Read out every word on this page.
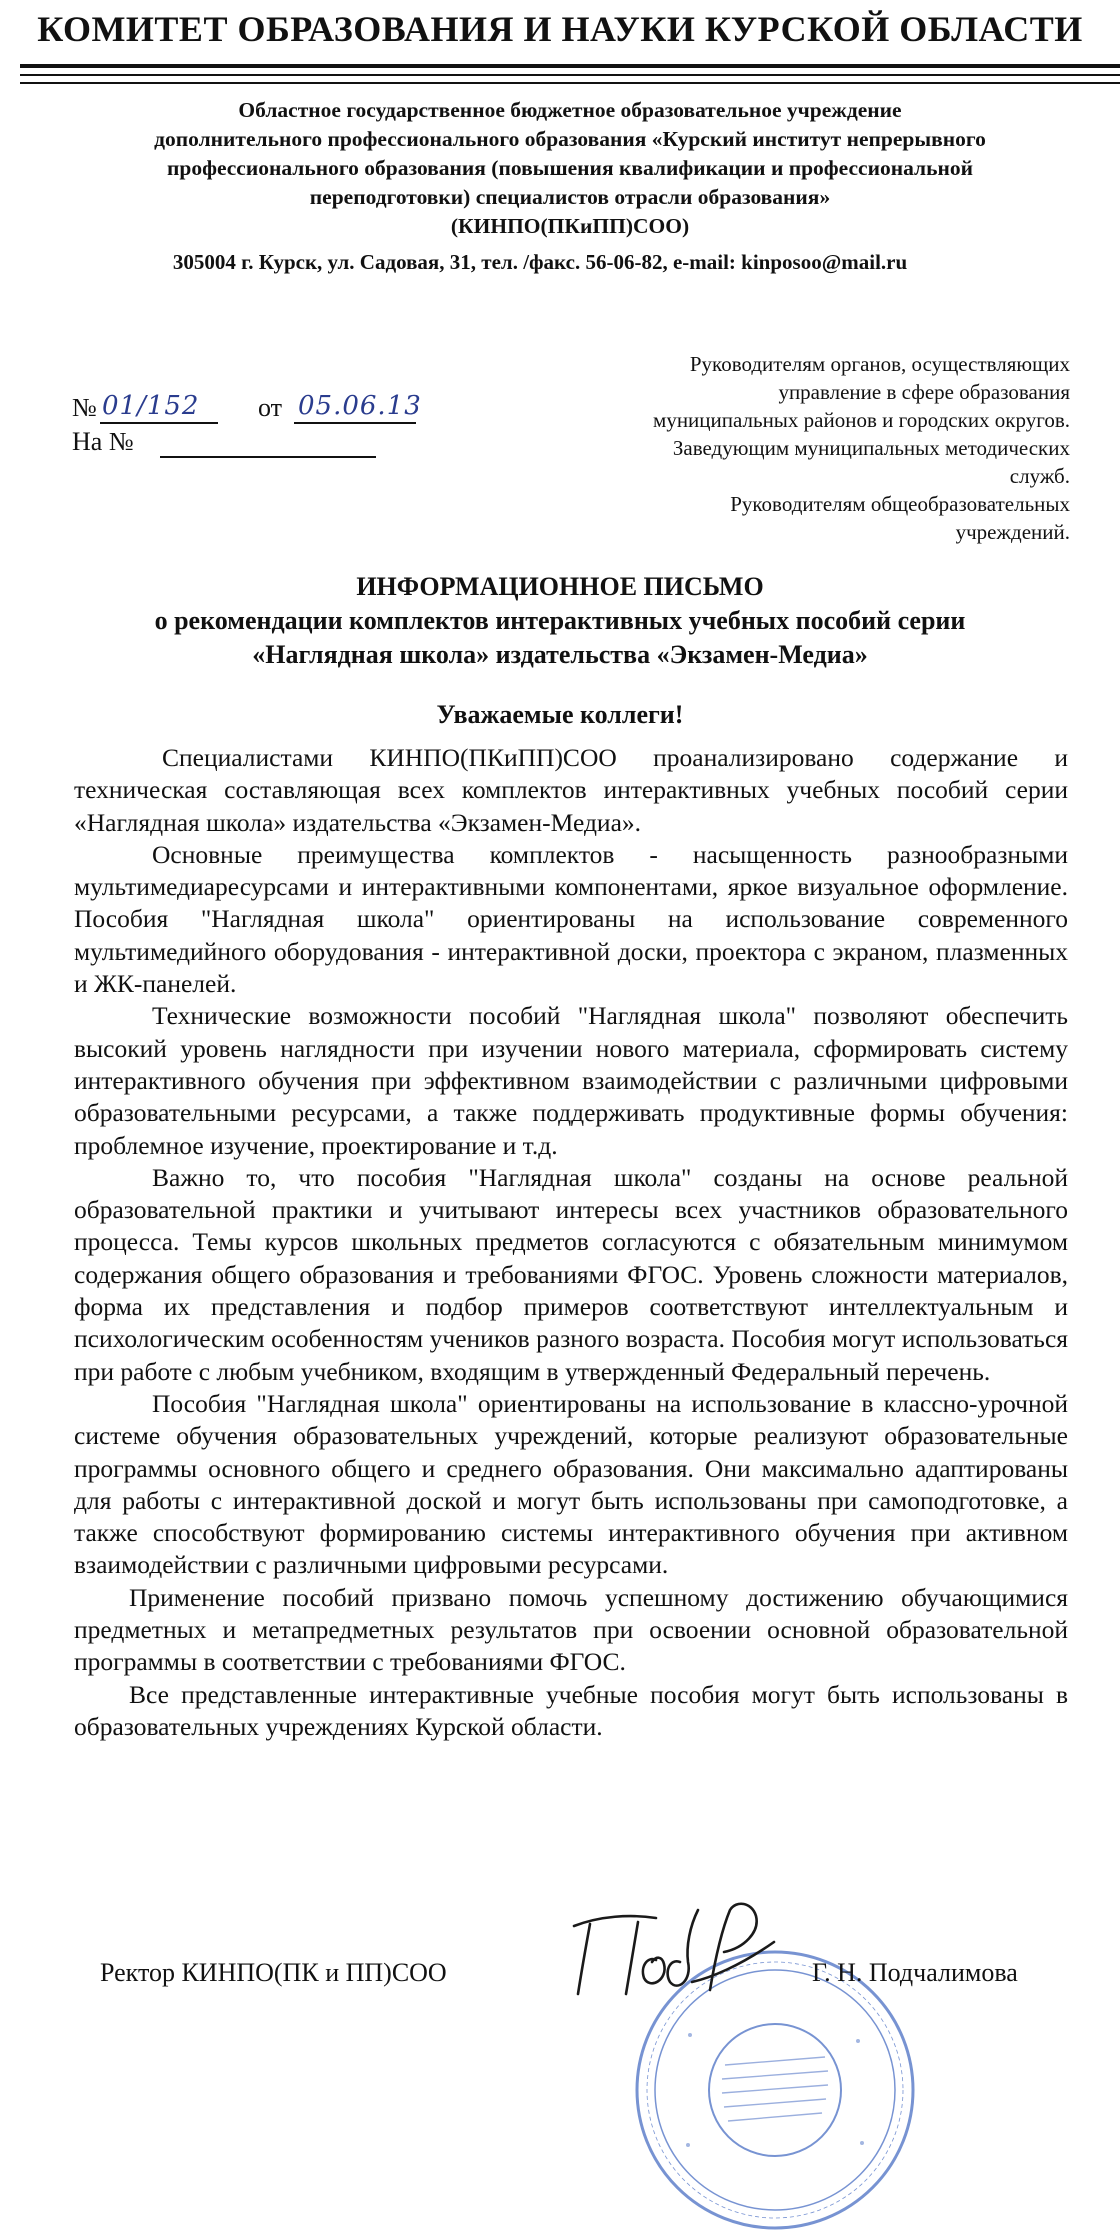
КОМИТЕТ ОБРАЗОВАНИЯ И НАУКИ КУРСКОЙ ОБЛАСТИ
Областное государственное бюджетное образовательное учреждение
дополнительного профессионального образования «Курский институт непрерывного
профессионального образования (повышения квалификации и профессиональной
переподготовки) специалистов отрасли образования»
(КИНПО(ПКиПП)СОО)
305004 г. Курск, ул. Садовая, 31, тел. /факс. 56-06-82, e-mail: kinposoo@mail.ru
Руководителям органов, осуществляющих
управление в сфере образования
муниципальных районов и городских округов.
Заведующим муниципальных методических
служб.
Руководителям общеобразовательных
учреждений.
№ 01/152 от 05.06.13
На №
ИНФОРМАЦИОННОЕ ПИСЬМО
о рекомендации комплектов интерактивных учебных пособий серии
«Наглядная школа» издательства «Экзамен-Медиа»
Уважаемые коллеги!

Специалистами КИНПО(ПКиПП)СОО проанализировано содержание и техническая составляющая всех комплектов интерактивных учебных пособий серии «Наглядная школа» издательства «Экзамен-Медиа».

Основные преимущества комплектов - насыщенность разнообразными мультимедиаресурсами и интерактивными компонентами, яркое визуальное оформление. Пособия "Наглядная школа" ориентированы на использование современного мультимедийного оборудования - интерактивной доски, проектора с экраном, плазменных и ЖК-панелей.

Технические возможности пособий "Наглядная школа" позволяют обеспечить высокий уровень наглядности при изучении нового материала, сформировать систему интерактивного обучения при эффективном взаимодействии с различными цифровыми образовательными ресурсами, а также поддерживать продуктивные формы обучения: проблемное изучение, проектирование и т.д.

Важно то, что пособия "Наглядная школа" созданы на основе реальной образовательной практики и учитывают интересы всех участников образовательного процесса. Темы курсов школьных предметов согласуются с обязательным минимумом содержания общего образования и требованиями ФГОС. Уровень сложности материалов, форма их представления и подбор примеров соответствуют интеллектуальным и психологическим особенностям учеников разного возраста. Пособия могут использоваться при работе с любым учебником, входящим в утвержденный Федеральный перечень.

Пособия "Наглядная школа" ориентированы на использование в классно-урочной системе обучения образовательных учреждений, которые реализуют образовательные программы основного общего и среднего образования. Они максимально адаптированы для работы с интерактивной доской и могут быть использованы при самоподготовке, а также способствуют формированию системы интерактивного обучения при активном взаимодействии с различными цифровыми ресурсами.

Применение пособий призвано помочь успешному достижению обучающимися предметных и метапредметных результатов при освоении основной образовательной программы в соответствии с требованиями ФГОС.

Все представленные интерактивные учебные пособия могут быть использованы в образовательных учреждениях Курской области.

Ректор КИНПО(ПК и ПП)СОО	Г. Н. Подчалимова
